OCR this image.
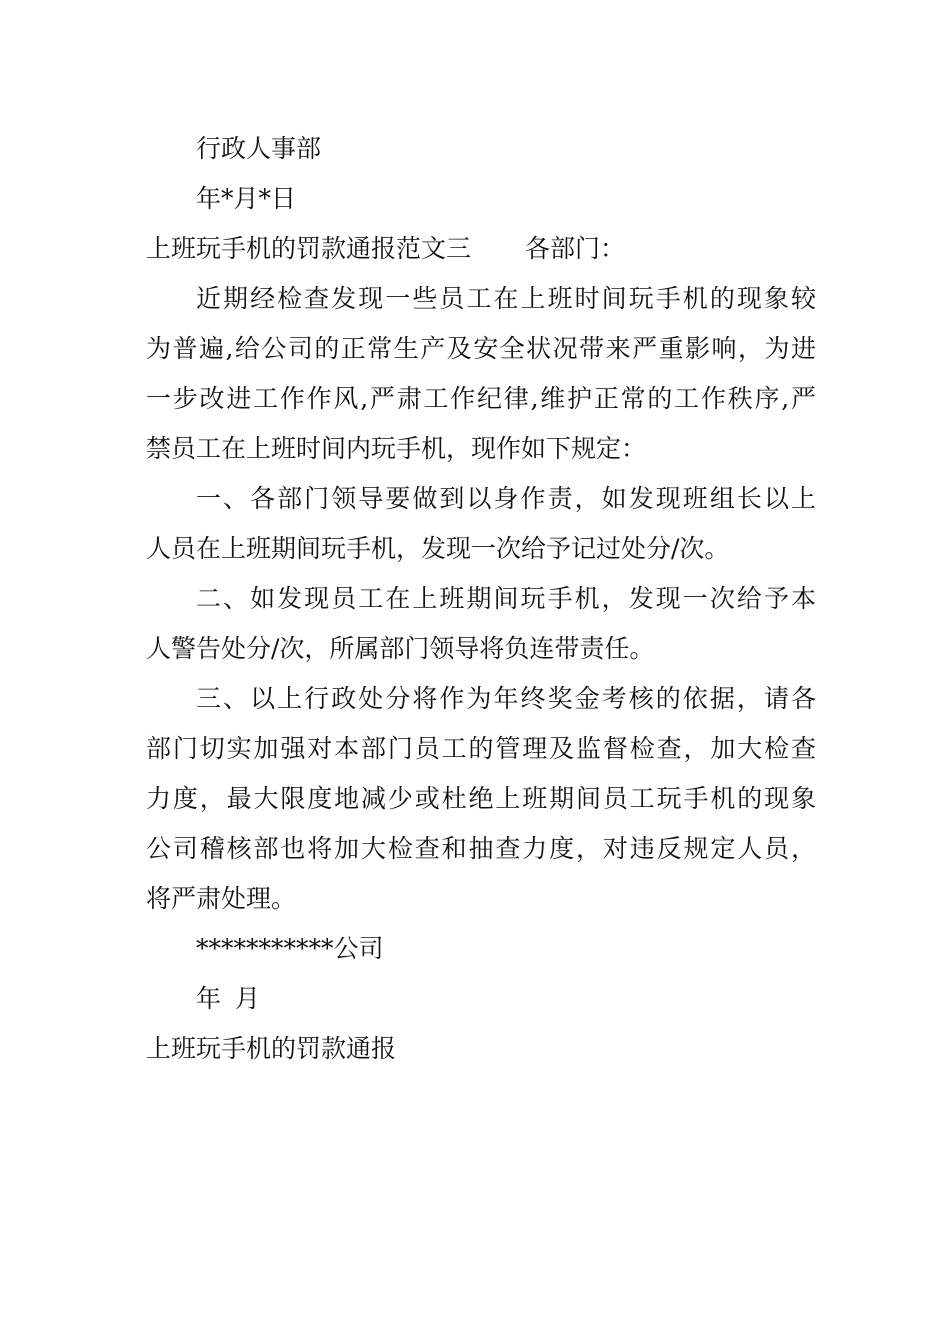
行政人事部
年*月*日
上班玩手机的罚款通报范文三 各部门：
近期经检查发现一些员工在上班时间玩手机的现象较
为普遍,给公司的正常生产及安全状况带来严重影响，为进
一步改进工作作风,严肃工作纪律,维护正常的工作秩序,严
禁员工在上班时间内玩手机，现作如下规定：
一、各部门领导要做到以身作责，如发现班组长以上
人员在上班期间玩手机，发现一次给予记过处分/次。
二、如发现员工在上班期间玩手机，发现一次给予本
人警告处分/次，所属部门领导将负连带责任。
三、以上行政处分将作为年终奖金考核的依据，请各
部门切实加强对本部门员工的管理及监督检查，加大检查
力度，最大限度地减少或杜绝上班期间员工玩手机的现象
公司稽核部也将加大检查和抽查力度，对违反规定人员，
将严肃处理。
***********公司
年 月
上班玩手机的罚款通报
